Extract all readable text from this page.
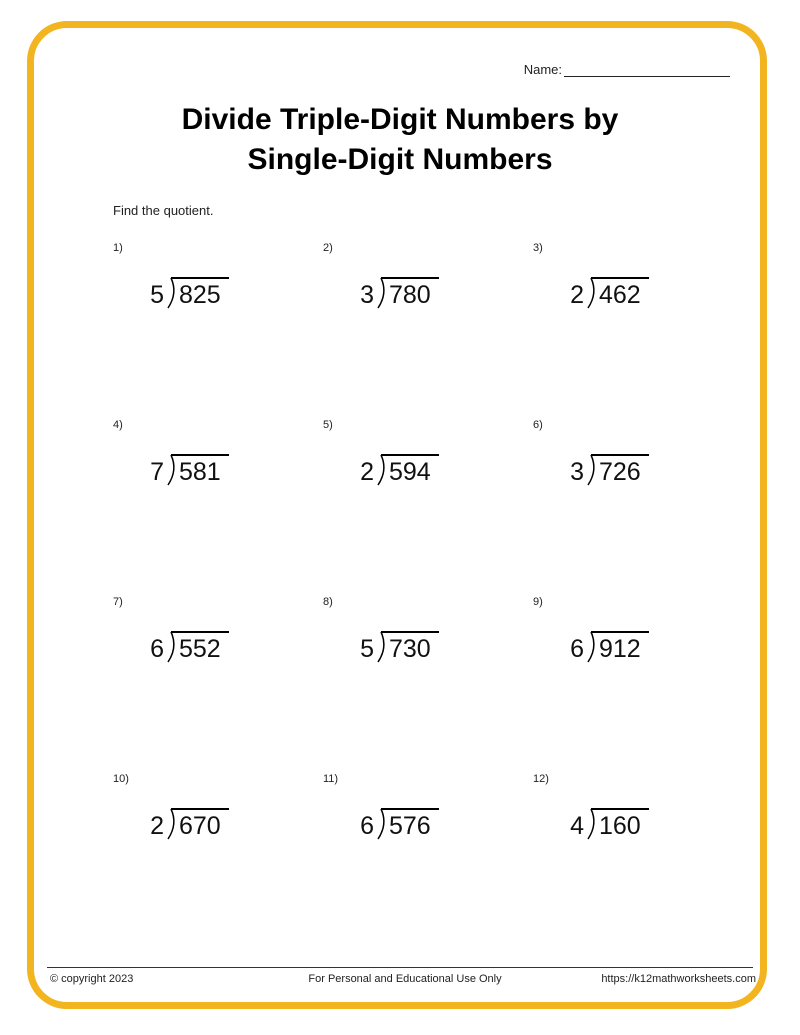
Name:
Divide Triple-Digit Numbers by Single-Digit Numbers
Find the quotient.
1)
5 825
2)
3 780
3)
2 462
4)
7 581
5)
2 594
6)
3 726
7)
6 552
8)
5 730
9)
6 912
10)
2 670
11)
6 576
12)
4 160
© copyright 2023	For Personal and Educational Use Only	https://k12mathworksheets.com
